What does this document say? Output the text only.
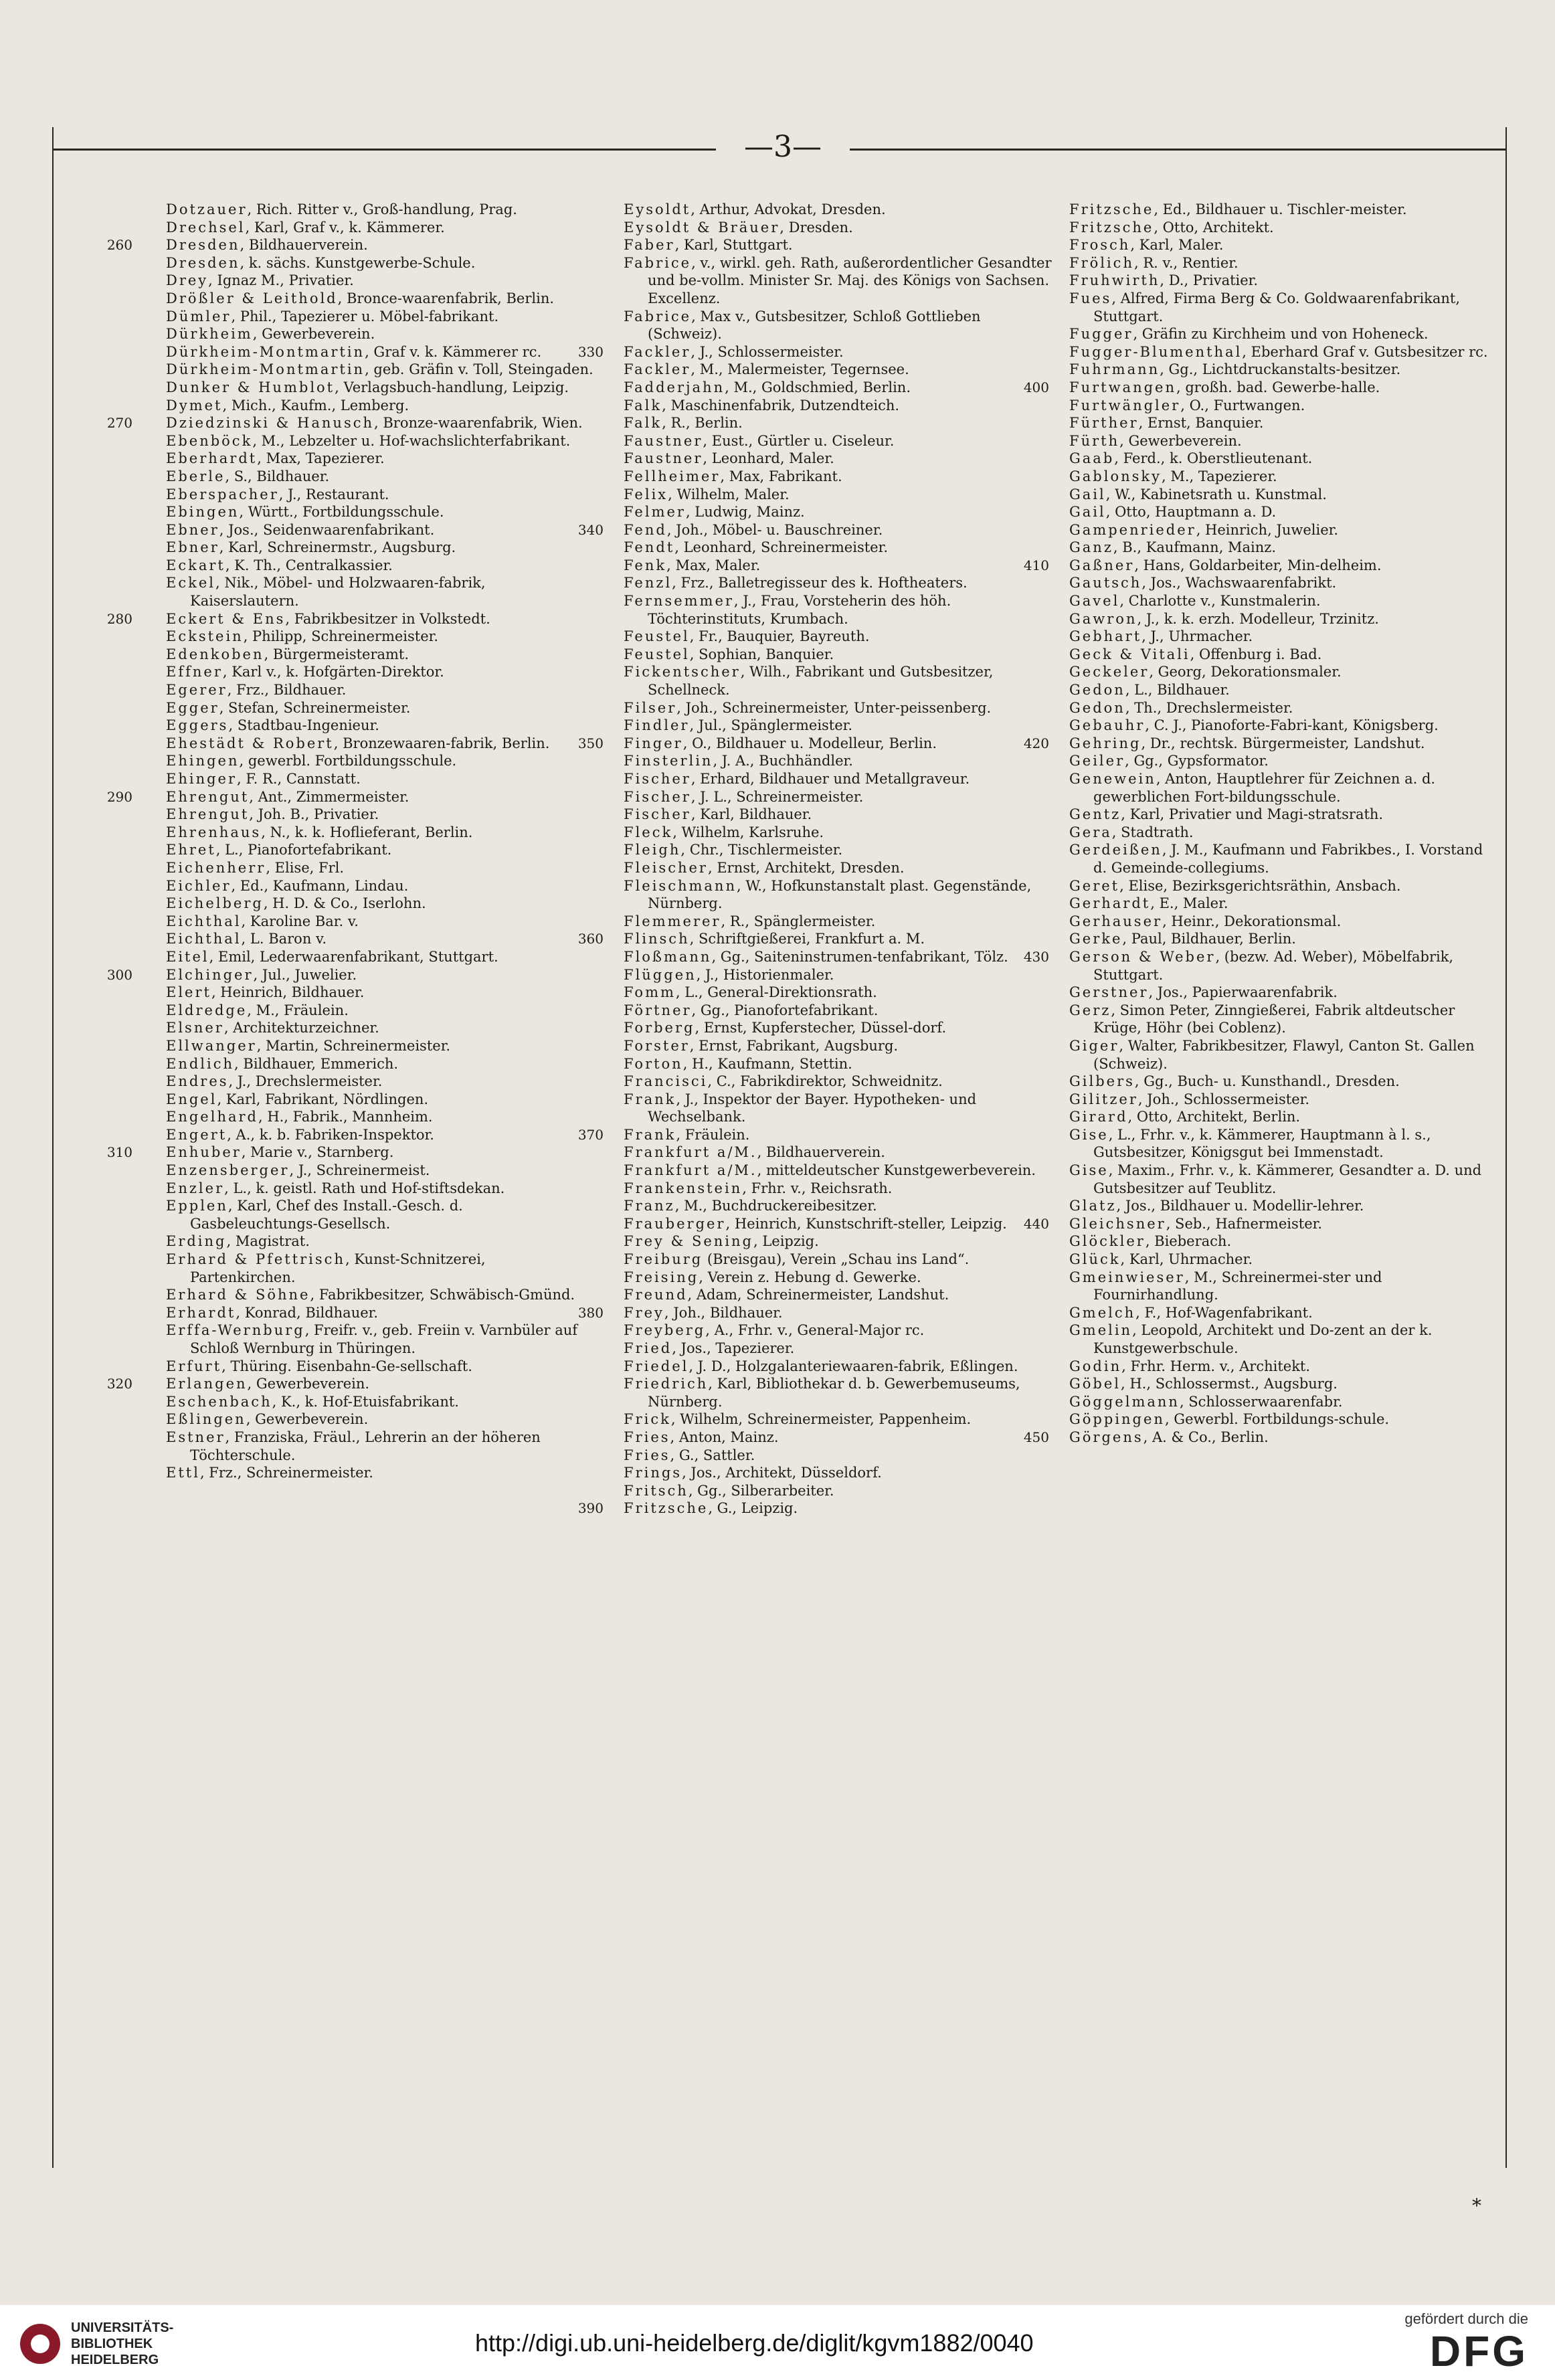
—3—
Dotzauer, Rich. Ritter v., Groß-handlung, Prag.
Drechsel, Karl, Graf v., k. Kämmerer.
260 Dresden, Bildhauerverein.
Dresden, k. sächs. Kunstgewerbe-Schule.
Drey, Ignaz M., Privatier.
Drößler & Leithold, Bronce-waarenfabrik, Berlin.
Dümler, Phil., Tapezierer u. Möbel-fabrikant.
Dürkheim, Gewerbeverein.
Dürkheim-Montmartin, Graf v. k. Kämmerer rc.
Dürkheim-Montmartin, geb. Gräfin v. Toll, Steingaden.
Dunker & Humblot, Verlagsbuch-handlung, Leipzig.
Dymet, Mich., Kaufm., Lemberg.
270 Dziedzinski & Hanusch, Bronze-waarenfabrik, Wien.
Ebenböck, M., Lebzelter u. Hof-wachslichterfabrikant.
Eberhardt, Max, Tapezierer.
Eberle, S., Bildhauer.
Eberspacher, J., Restaurant.
Ebingen, Württ., Fortbildungsschule.
Ebner, Jos., Seidenwaarenfabrikant.
Ebner, Karl, Schreinermstr., Augsburg.
Eckart, K. Th., Centralkassier.
Eckel, Nik., Möbel- und Holzwaaren-fabrik, Kaiserslautern.
280 Eckert & Ens, Fabrikbesitzer in Volkstedt.
Eckstein, Philipp, Schreinermeister.
Edenkoben, Bürgermeisteramt.
Effner, Karl v., k. Hofgärten-Direktor.
Egerer, Frz., Bildhauer.
Egger, Stefan, Schreinermeister.
Eggers, Stadtbau-Ingenieur.
Ehestädt & Robert, Bronzewaaren-fabrik, Berlin.
Ehingen, gewerbl. Fortbildungsschule.
Ehinger, F. R., Cannstatt.
290 Ehrengut, Ant., Zimmermeister.
Ehrengut, Joh. B., Privatier.
Ehrenhaus, N., k. k. Hoflieferant, Berlin.
Ehret, L., Pianofortefabrikant.
Eichenherr, Elise, Frl.
Eichler, Ed., Kaufmann, Lindau.
Eichelberg, H. D. & Co., Iserlohn.
Eichthal, Karoline Bar. v.
Eichthal, L. Baron v.
Eitel, Emil, Lederwaarenfabrikant, Stuttgart.
300 Elchinger, Jul., Juwelier.
Elert, Heinrich, Bildhauer.
Eldredge, M., Fräulein.
Elsner, Architekturzeichner.
Ellwanger, Martin, Schreinermeister.
Endlich, Bildhauer, Emmerich.
Endres, J., Drechslermeister.
Engel, Karl, Fabrikant, Nördlingen.
Engelhard, H., Fabrik., Mannheim.
Engert, A., k. b. Fabriken-Inspektor.
310 Enhuber, Marie v., Starnberg.
Enzensberger, J., Schreinermeist.
Enzler, L., k. geistl. Rath und Hof-stiftsdekan.
Epplen, Karl, Chef des Install.-Gesch. d. Gasbeleuchtungs-Gesellsch.
Erding, Magistrat.
Erhard & Pfettrisch, Kunst-Schnitzerei, Partenkirchen.
Erhard & Söhne, Fabrikbesitzer, Schwäbisch-Gmünd.
Erhardt, Konrad, Bildhauer.
Erffa-Wernburg, Freifr. v., geb. Freiin v. Varnbüler auf Schloß Wernburg in Thüringen.
Erfurt, Thüring. Eisenbahn-Ge-sellschaft.
320 Erlangen, Gewerbeverein.
Eschenbach, K., k. Hof-Etuisfabrikant.
Eßlingen, Gewerbeverein.
Estner, Franziska, Fräul., Lehrerin an der höheren Töchterschule.
Ettl, Frz., Schreinermeister.
Eysoldt, Arthur, Advokat, Dresden.
Eysoldt & Bräuer, Dresden.
Faber, Karl, Stuttgart.
Fabrice, v., wirkl. geh. Rath, außerordentlicher Gesandter und be-vollm. Minister Sr. Maj. des Königs von Sachsen. Excellenz.
Fabrice, Max v., Gutsbesitzer, Schloß Gottlieben (Schweiz).
330 Fackler, J., Schlossermeister.
Fackler, M., Malermeister, Tegernsee.
Fadderjahn, M., Goldschmied, Berlin.
Falk, Maschinenfabrik, Dutzendteich.
Falk, R., Berlin.
Faustner, Eust., Gürtler u. Ciseleur.
Faustner, Leonhard, Maler.
Fellheimer, Max, Fabrikant.
Felix, Wilhelm, Maler.
Felmer, Ludwig, Mainz.
340 Fend, Joh., Möbel- u. Bauschreiner.
Fendt, Leonhard, Schreinermeister.
Fenk, Max, Maler.
Fenzl, Frz., Balletregisseur des k. Hoftheaters.
Fernsemmer, J., Frau, Vorsteherin des höh. Töchterinstituts, Krumbach.
Feustel, Fr., Bauquier, Bayreuth.
Feustel, Sophian, Banquier.
Fickentscher, Wilh., Fabrikant und Gutsbesitzer, Schellneck.
Filser, Joh., Schreinermeister, Unter-peissenberg.
Findler, Jul., Spänglermeister.
350 Finger, O., Bildhauer u. Modelleur, Berlin.
Finsterlin, J. A., Buchhändler.
Fischer, Erhard, Bildhauer und Metallgraveur.
Fischer, J. L., Schreinermeister.
Fischer, Karl, Bildhauer.
Fleck, Wilhelm, Karlsruhe.
Fleigh, Chr., Tischlermeister.
Fleischer, Ernst, Architekt, Dresden.
Fleischmann, W., Hofkunstanstalt plast. Gegenstände, Nürnberg.
Flemmerer, R., Spänglermeister.
360 Flinsch, Schriftgießerei, Frankfurt a. M.
Floßmann, Gg., Saiteninstrumen-tenfabrikant, Tölz.
Flüggen, J., Historienmaler.
Fomm, L., General-Direktionsrath.
Förtner, Gg., Pianofortefabrikant.
Forberg, Ernst, Kupferstecher, Düssel-dorf.
Forster, Ernst, Fabrikant, Augsburg.
Forton, H., Kaufmann, Stettin.
Francisci, C., Fabrikdirektor, Schweidnitz.
Frank, J., Inspektor der Bayer. Hypotheken- und Wechselbank.
370 Frank, Fräulein.
Frankfurt a/M., Bildhauerverein.
Frankfurt a/M., mitteldeutscher Kunstgewerbeverein.
Frankenstein, Frhr. v., Reichsrath.
Franz, M., Buchdruckereibesitzer.
Frauberger, Heinrich, Kunstschrift-steller, Leipzig.
Frey & Sening, Leipzig.
Freiburg (Breisgau), Verein „Schau ins Land“.
Freising, Verein z. Hebung d. Gewerke.
Freund, Adam, Schreinermeister, Landshut.
380 Frey, Joh., Bildhauer.
Freyberg, A., Frhr. v., General-Major rc.
Fried, Jos., Tapezierer.
Friedel, J. D., Holzgalanteriewaaren-fabrik, Eßlingen.
Friedrich, Karl, Bibliothekar d. b. Gewerbemuseums, Nürnberg.
Frick, Wilhelm, Schreinermeister, Pappenheim.
Fries, Anton, Mainz.
Fries, G., Sattler.
Frings, Jos., Architekt, Düsseldorf.
Fritsch, Gg., Silberarbeiter.
390 Fritzsche, G., Leipzig.
Fritzsche, Ed., Bildhauer u. Tischler-meister.
Fritzsche, Otto, Architekt.
Frosch, Karl, Maler.
Frölich, R. v., Rentier.
Fruhwirth, D., Privatier.
Fues, Alfred, Firma Berg & Co. Goldwaarenfabrikant, Stuttgart.
Fugger, Gräfin zu Kirchheim und von Hoheneck.
Fugger-Blumenthal, Eberhard Graf v. Gutsbesitzer rc.
Fuhrmann, Gg., Lichtdruckanstalts-besitzer.
400 Furtwangen, großh. bad. Gewerbe-halle.
Furtwängler, O., Furtwangen.
Fürther, Ernst, Banquier.
Fürth, Gewerbeverein.
Gaab, Ferd., k. Oberstlieutenant.
Gablonsky, M., Tapezierer.
Gail, W., Kabinetsrath u. Kunstmal.
Gail, Otto, Hauptmann a. D.
Gampenrieder, Heinrich, Juwelier.
Ganz, B., Kaufmann, Mainz.
410 Gaßner, Hans, Goldarbeiter, Min-delheim.
Gautsch, Jos., Wachswaarenfabrikt.
Gavel, Charlotte v., Kunstmalerin.
Gawron, J., k. k. erzh. Modelleur, Trzinitz.
Gebhart, J., Uhrmacher.
Geck & Vitali, Offenburg i. Bad.
Geckeler, Georg, Dekorationsmaler.
Gedon, L., Bildhauer.
Gedon, Th., Drechslermeister.
Gebauhr, C. J., Pianoforte-Fabri-kant, Königsberg.
420 Gehring, Dr., rechtsk. Bürgermeister, Landshut.
Geiler, Gg., Gypsformator.
Genewein, Anton, Hauptlehrer für Zeichnen a. d. gewerblichen Fort-bildungsschule.
Gentz, Karl, Privatier und Magi-stratsrath.
Gera, Stadtrath.
Gerdeißen, J. M., Kaufmann und Fabrikbes., I. Vorstand d. Gemeinde-collegiums.
Geret, Elise, Bezirksgerichtsräthin, Ansbach.
Gerhardt, E., Maler.
Gerhauser, Heinr., Dekorationsmal.
Gerke, Paul, Bildhauer, Berlin.
430 Gerson & Weber, (bezw. Ad. Weber), Möbelfabrik, Stuttgart.
Gerstner, Jos., Papierwaarenfabrik.
Gerz, Simon Peter, Zinngießerei, Fabrik altdeutscher Krüge, Höhr (bei Coblenz).
Giger, Walter, Fabrikbesitzer, Flawyl, Canton St. Gallen (Schweiz).
Gilbers, Gg., Buch- u. Kunsthandl., Dresden.
Gilitzer, Joh., Schlossermeister.
Girard, Otto, Architekt, Berlin.
Gise, L., Frhr. v., k. Kämmerer, Hauptmann à l. s., Gutsbesitzer, Königsgut bei Immenstadt.
Gise, Maxim., Frhr. v., k. Kämmerer, Gesandter a. D. und Gutsbesitzer auf Teublitz.
Glatz, Jos., Bildhauer u. Modellir-lehrer.
440 Gleichsner, Seb., Hafnermeister.
Glöckler, Bieberach.
Glück, Karl, Uhrmacher.
Gmeinwieser, M., Schreinermei-ster und Fournirhandlung.
Gmelch, F., Hof-Wagenfabrikant.
Gmelin, Leopold, Architekt und Do-zent an der k. Kunstgewerbschule.
Godin, Frhr. Herm. v., Architekt.
Göbel, H., Schlossermst., Augsburg.
Göggelmann, Schlosserwaarenfabr.
Göppingen, Gewerbl. Fortbildungs-schule.
450 Görgens, A. & Co., Berlin.
*
UNIVERSITÄTS-BIBLIOTHEK HEIDELBERG
http://digi.ub.uni-heidelberg.de/diglit/kgvm1882/0040
gefördert durch die
DFG
